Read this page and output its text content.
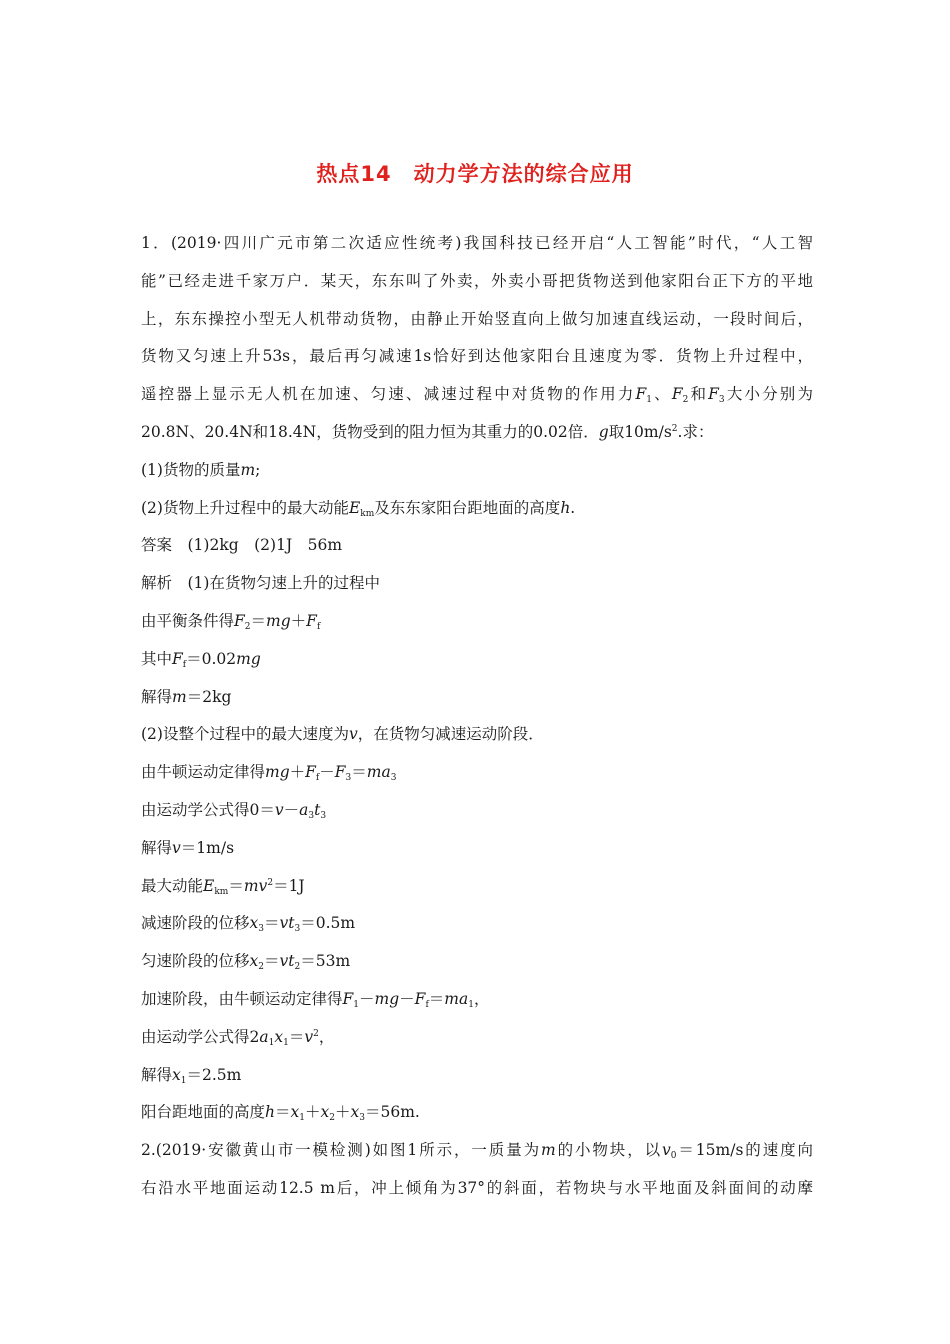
热点14 动力学方法的综合应用
1．(2019·四川广元市第二次适应性统考)我国科技已经开启“人工智能”时代，“人工智
能”已经走进千家万户．某天，东东叫了外卖，外卖小哥把货物送到他家阳台正下方的平地
上，东东操控小型无人机带动货物，由静止开始竖直向上做匀加速直线运动，一段时间后，
货物又匀速上升53s，最后再匀减速1s恰好到达他家阳台且速度为零．货物上升过程中，
遥控器上显示无人机在加速、匀速、减速过程中对货物的作用力$F_1$、$F_2$和$F_3$大小分别为
20.8N、20.4N和18.4N，货物受到的阻力恒为其重力的0.02倍．g取$10m/s^2$.求：
(1)货物的质量m;
(2)货物上升过程中的最大动能$E_{km}$及东东家阳台距地面的高度h.
答案　(1)2kg　(2)1J　56m
解析　(1)在货物匀速上升的过程中
由平衡条件得$F_2=mg+F_f$
其中$F_f=0.02mg$
解得m＝2kg
(2)设整个过程中的最大速度为v，在货物匀减速运动阶段．
由牛顿运动定律得$mg+F_f-F_3=ma_3$
由运动学公式得$0=v-a_3t_3$
解得v＝1m/s
最大动能$E_{km}=mv^2=1J$
减速阶段的位移$x_3=vt_3=0.5m$
匀速阶段的位移$x_2=vt_2=53m$
加速阶段，由牛顿运动定律得$F_1-mg-F_f=ma_1$，
由运动学公式得$2a_1x_1=v^2$，
解得$x_1=2.5m$
阳台距地面的高度$h=x_1+x_2+x_3=56m$.
2.(2019·安徽黄山市一模检测)如图1所示，一质量为m的小物块，以$v_0=15m/s$的速度向
右沿水平地面运动12.5 m后，冲上倾角为37°的斜面，若物块与水平地面及斜面间的动摩
